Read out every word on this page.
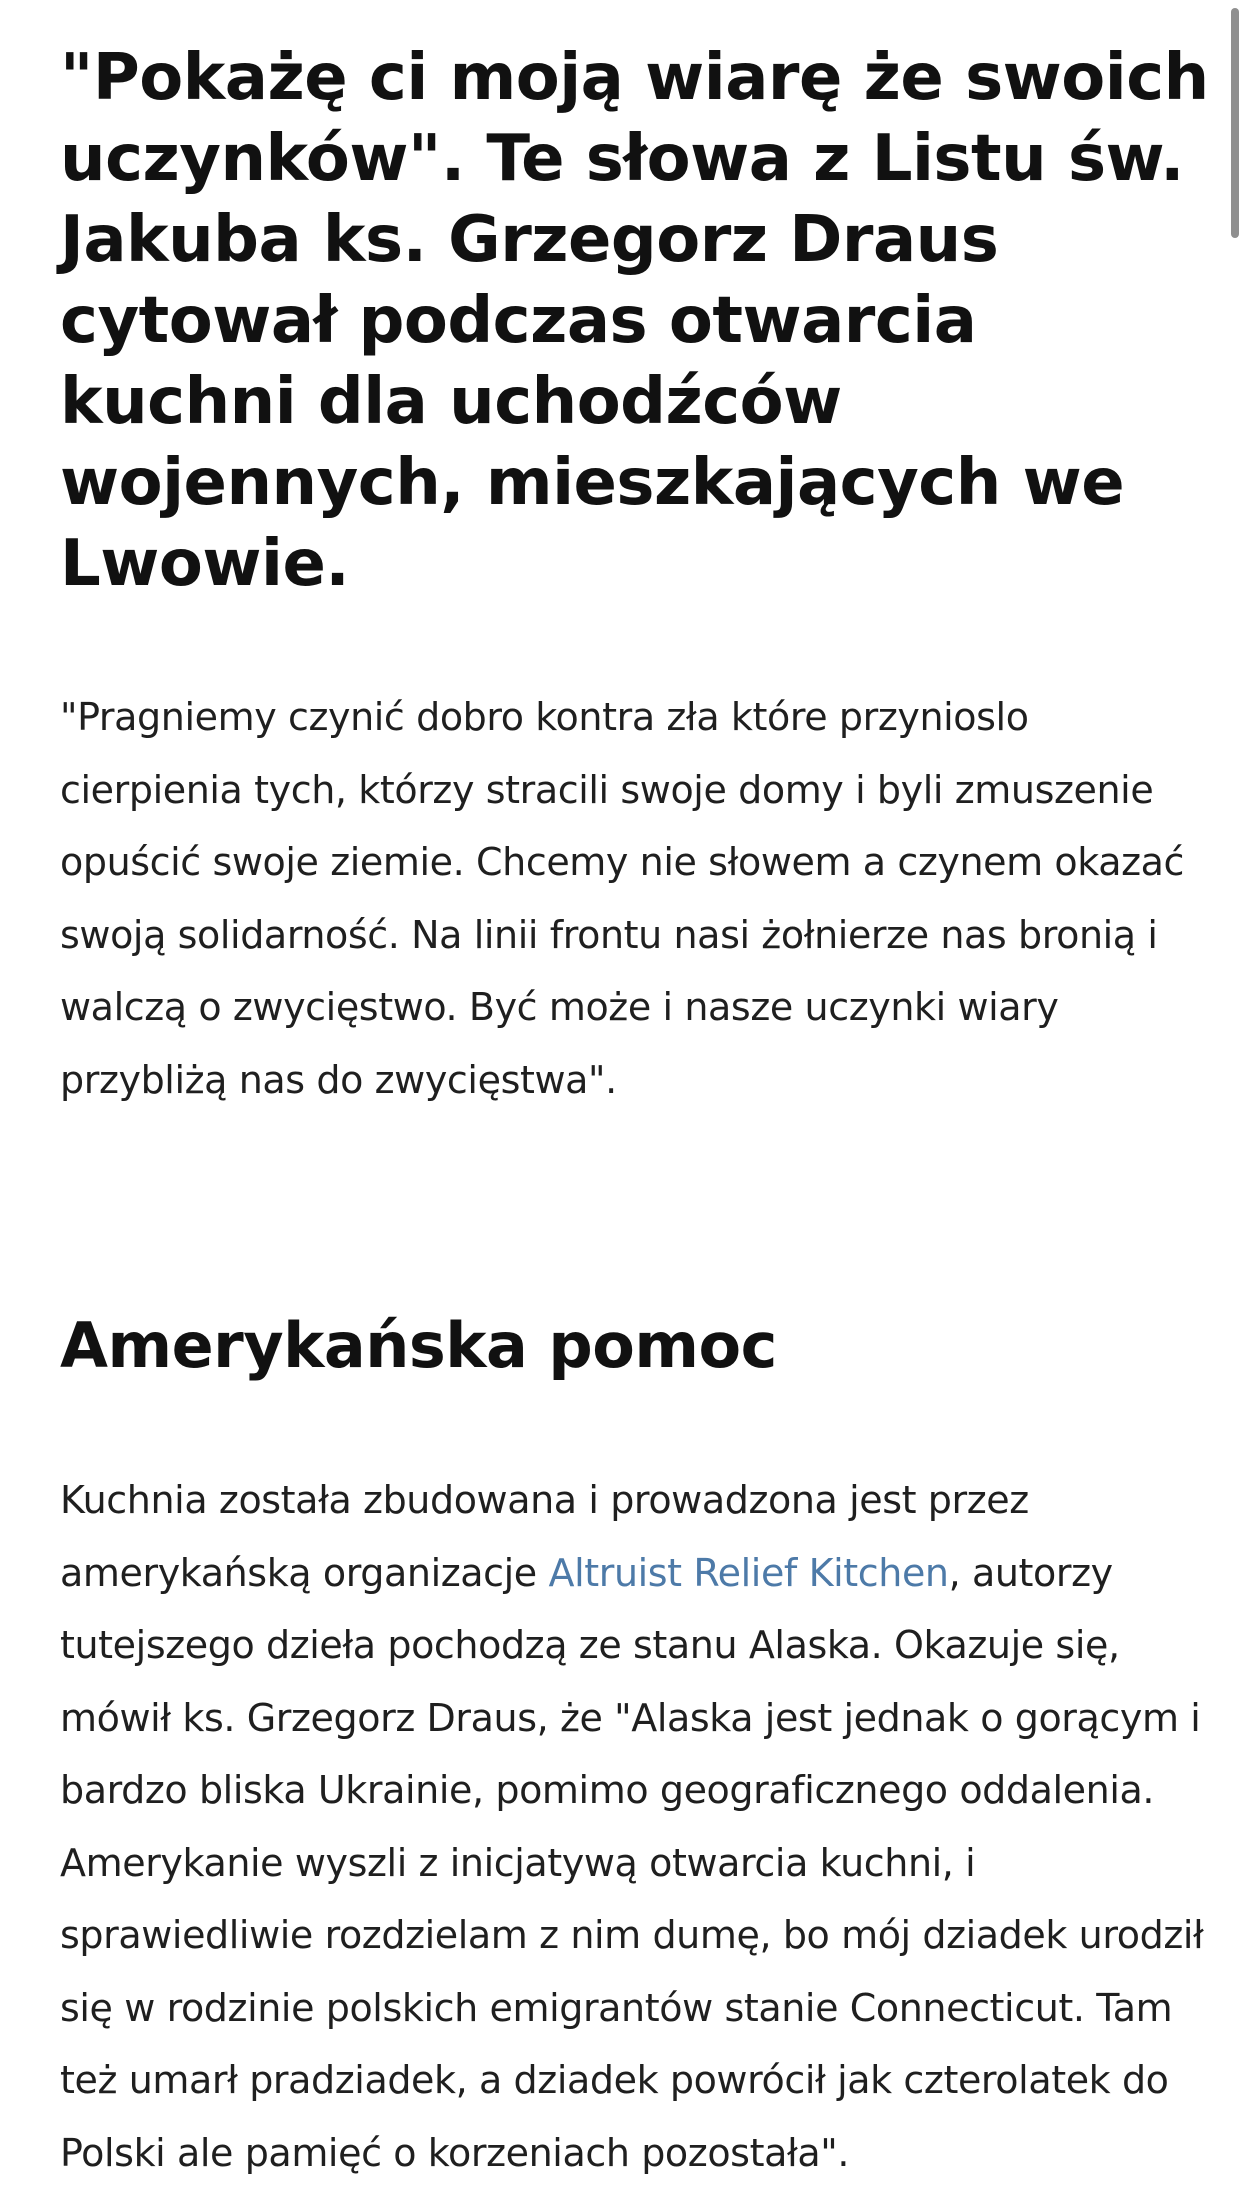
"Pokażę ci moją wiarę że swoich uczynków". Te słowa z Listu św. Jakuba ks. Grzegorz Draus cytował podczas otwarcia kuchni dla uchodźców wojennych, mieszkających we Lwowie.

"Pragniemy czynić dobro kontra zła które przynioslo cierpienia tych, którzy stracili swoje domy i byli zmuszenie opuścić swoje ziemie. Chcemy nie słowem a czynem okazać swoją solidarność. Na linii frontu nasi żołnierze nas bronią i walczą o zwycięstwo. Być może i nasze uczynki wiary przybliżą nas do zwycięstwa".

Amerykańska pomoc

Kuchnia została zbudowana i prowadzona jest przez amerykańską organizacje Altruist Relief Kitchen, autorzy tutejszego dzieła pochodzą ze stanu Alaska. Okazuje się, mówił ks. Grzegorz Draus, że "Alaska jest jednak o gorącym i bardzo bliska Ukrainie, pomimo geograficznego oddalenia. Amerykanie wyszli z inicjatywą otwarcia kuchni, i sprawiedliwie rozdzielam z nim dumę, bo mój dziadek urodził się w rodzinie polskich emigrantów stanie Connecticut. Tam też umarł pradziadek, a dziadek powrócił jak czterolatek do Polski ale pamięć o korzeniach pozostała".
